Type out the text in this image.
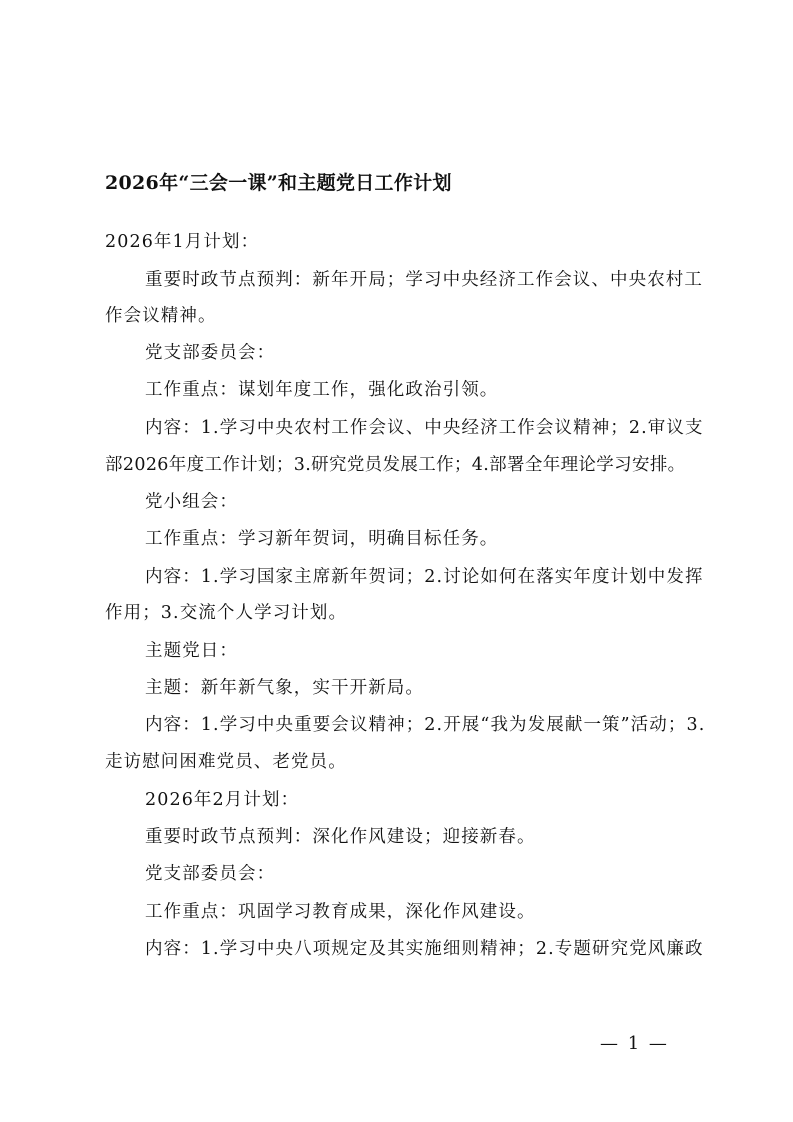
2026年“三会一课”和主题党日工作计划
2026年1月计划：
重要时政节点预判：新年开局；学习中央经济工作会议、中央农村工
作会议精神。
党支部委员会：
工作重点：谋划年度工作，强化政治引领。
内容：1.学习中央农村工作会议、中央经济工作会议精神；2.审议支
部2026年度工作计划；3.研究党员发展工作；4.部署全年理论学习安排。
党小组会：
工作重点：学习新年贺词，明确目标任务。
内容：1.学习国家主席新年贺词；2.讨论如何在落实年度计划中发挥
作用；3.交流个人学习计划。
主题党日：
主题：新年新气象，实干开新局。
内容：1.学习中央重要会议精神；2.开展“我为发展献一策”活动；3.
走访慰问困难党员、老党员。
2026年2月计划：
重要时政节点预判：深化作风建设；迎接新春。
党支部委员会：
工作重点：巩固学习教育成果，深化作风建设。
内容：1.学习中央八项规定及其实施细则精神；2.专题研究党风廉政
— 1 —
